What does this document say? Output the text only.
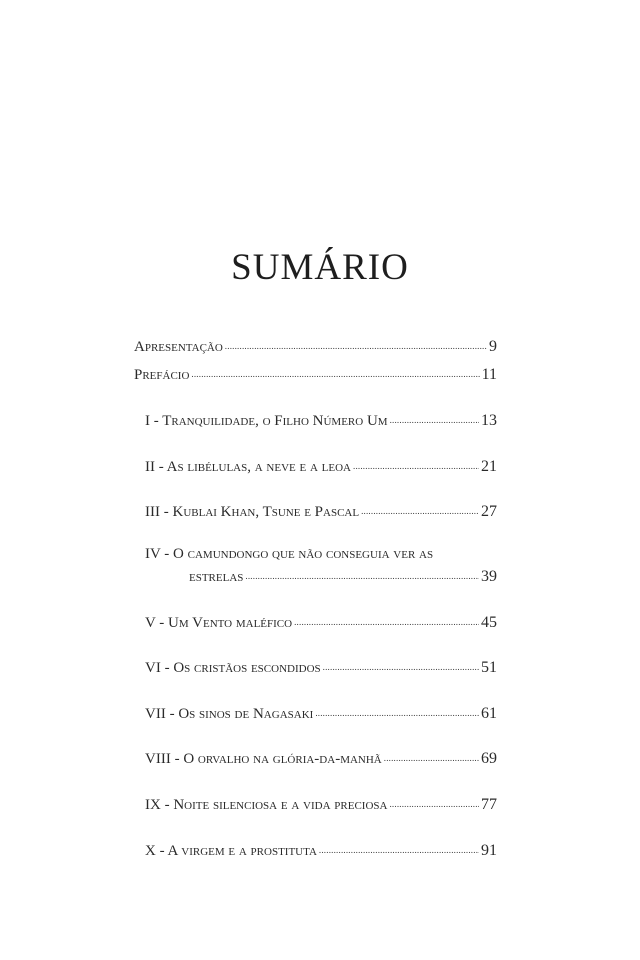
SUMÁRIO
Apresentação .....	9
Prefácio .....	11
I - Tranquilidade, o Filho Número Um .....	13
II - As libélulas, a neve e a leoa .....	21
III - Kublai Khan, Tsune e Pascal .....	27
IV - O camundongo que não conseguia ver as
estrelas .....	39
V - Um Vento maléfico .....	45
VI - Os cristãos escondidos .....	51
VII - Os sinos de Nagasaki .....	61
VIII - O orvalho na glória-da-manhã .....	69
IX - Noite silenciosa e a vida preciosa .....	77
X - A virgem e a prostituta .....	91
